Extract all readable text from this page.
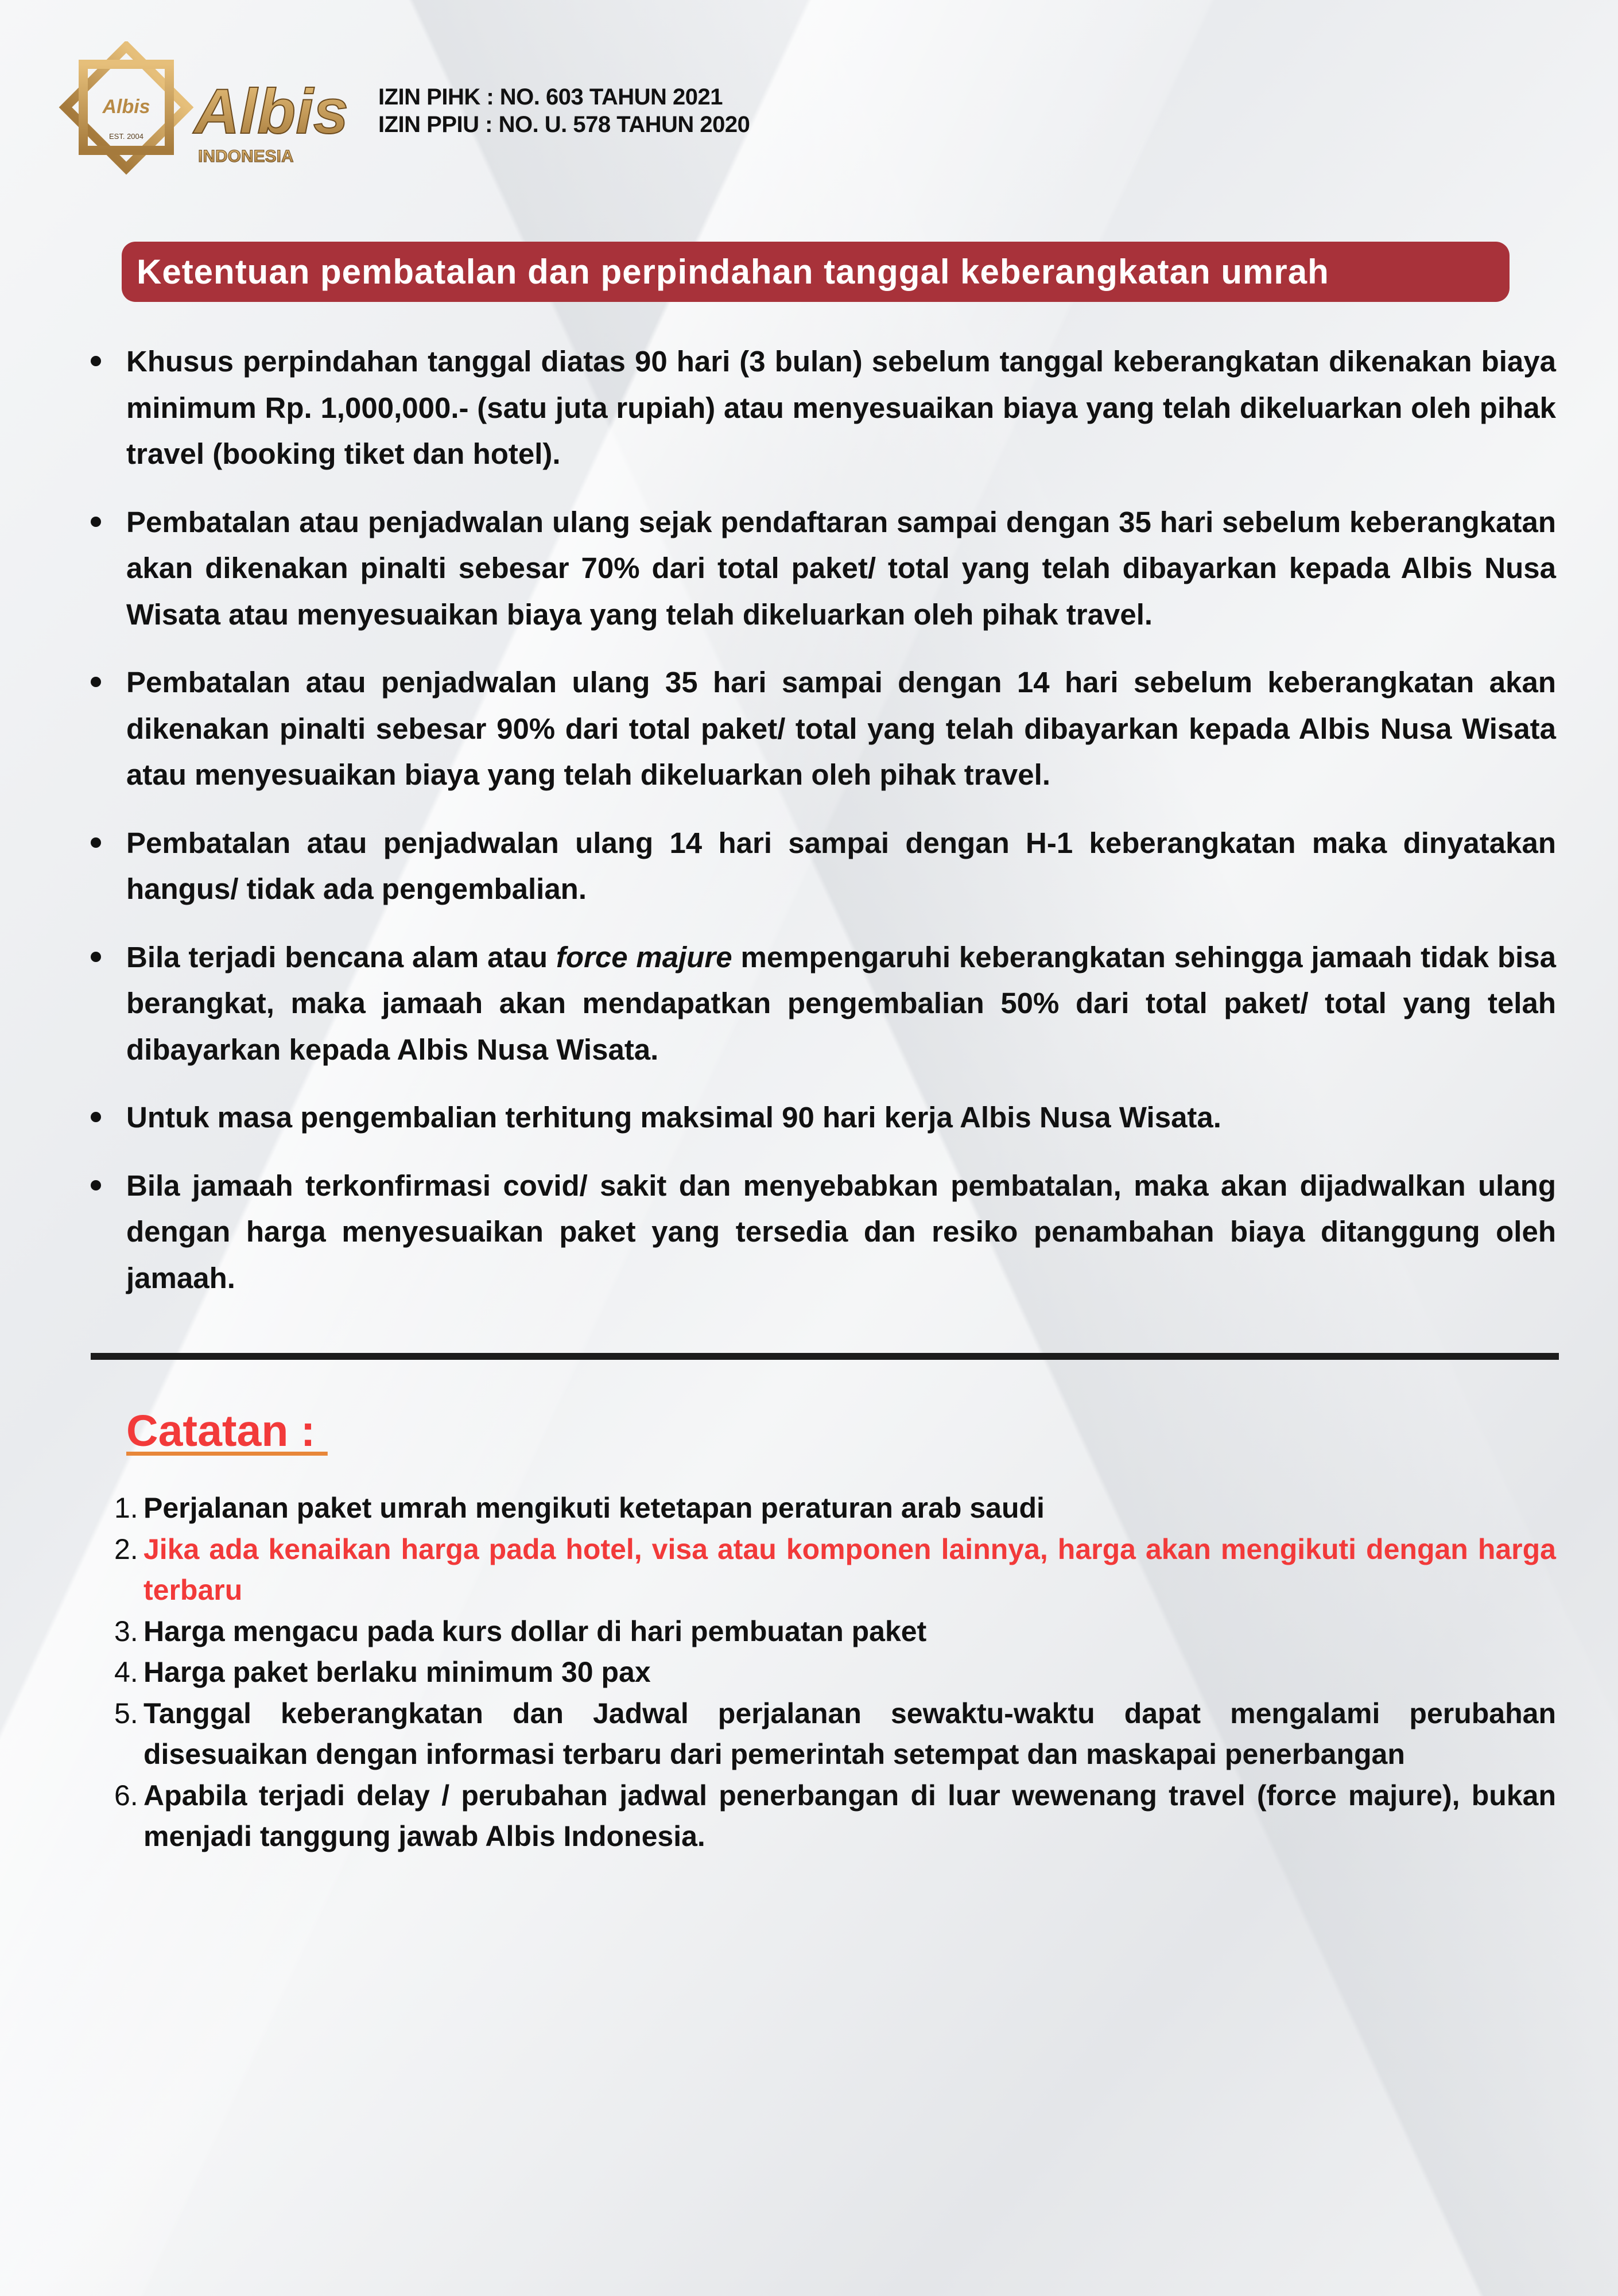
Albis
EST. 2004 Albis
INDONESIA
IZIN PIHK : NO. 603 TAHUN 2021
IZIN PPIU : NO. U. 578 TAHUN 2020
Ketentuan pembatalan dan perpindahan tanggal keberangkatan umrah
Khusus perpindahan tanggal diatas 90 hari (3 bulan) sebelum tanggal keberangkatan dikenakan biaya minimum Rp. 1,000,000.- (satu juta rupiah) atau menyesuaikan biaya yang telah dikeluarkan oleh pihak travel (booking tiket dan hotel).
Pembatalan atau penjadwalan ulang sejak pendaftaran sampai dengan 35 hari sebelum keberangkatan akan dikenakan pinalti sebesar 70% dari total paket/ total yang telah dibayarkan kepada Albis Nusa Wisata atau menyesuaikan biaya yang telah dikeluarkan oleh pihak travel.
Pembatalan atau penjadwalan ulang 35 hari sampai dengan 14 hari sebelum keberangkatan akan dikenakan pinalti sebesar 90% dari total paket/ total yang telah dibayarkan kepada Albis Nusa Wisata atau menyesuaikan biaya yang telah dikeluarkan oleh pihak travel.
Pembatalan atau penjadwalan ulang 14 hari sampai dengan H-1 keberangkatan maka dinyatakan hangus/ tidak ada pengembalian.
Bila terjadi bencana alam atau force majure mempengaruhi keberangkatan sehingga jamaah tidak bisa berangkat, maka jamaah akan mendapatkan pengembalian 50% dari total paket/ total yang telah dibayarkan kepada Albis Nusa Wisata.
Untuk masa pengembalian terhitung maksimal 90 hari kerja Albis Nusa Wisata.
Bila jamaah terkonfirmasi covid/ sakit dan menyebabkan pembatalan, maka akan dijadwalkan ulang dengan harga menyesuaikan paket yang tersedia dan resiko penambahan biaya ditanggung oleh jamaah.
Catatan :
1. Perjalanan paket umrah mengikuti ketetapan peraturan arab saudi
2. Jika ada kenaikan harga pada hotel, visa atau komponen lainnya, harga akan mengikuti dengan harga terbaru
3. Harga mengacu pada kurs dollar di hari pembuatan paket
4. Harga paket berlaku minimum 30 pax
5. Tanggal keberangkatan dan Jadwal perjalanan sewaktu-waktu dapat mengalami perubahan disesuaikan dengan informasi terbaru dari pemerintah setempat dan maskapai penerbangan
6. Apabila terjadi delay / perubahan jadwal penerbangan di luar wewenang travel (force majure), bukan menjadi tanggung jawab Albis Indonesia.
